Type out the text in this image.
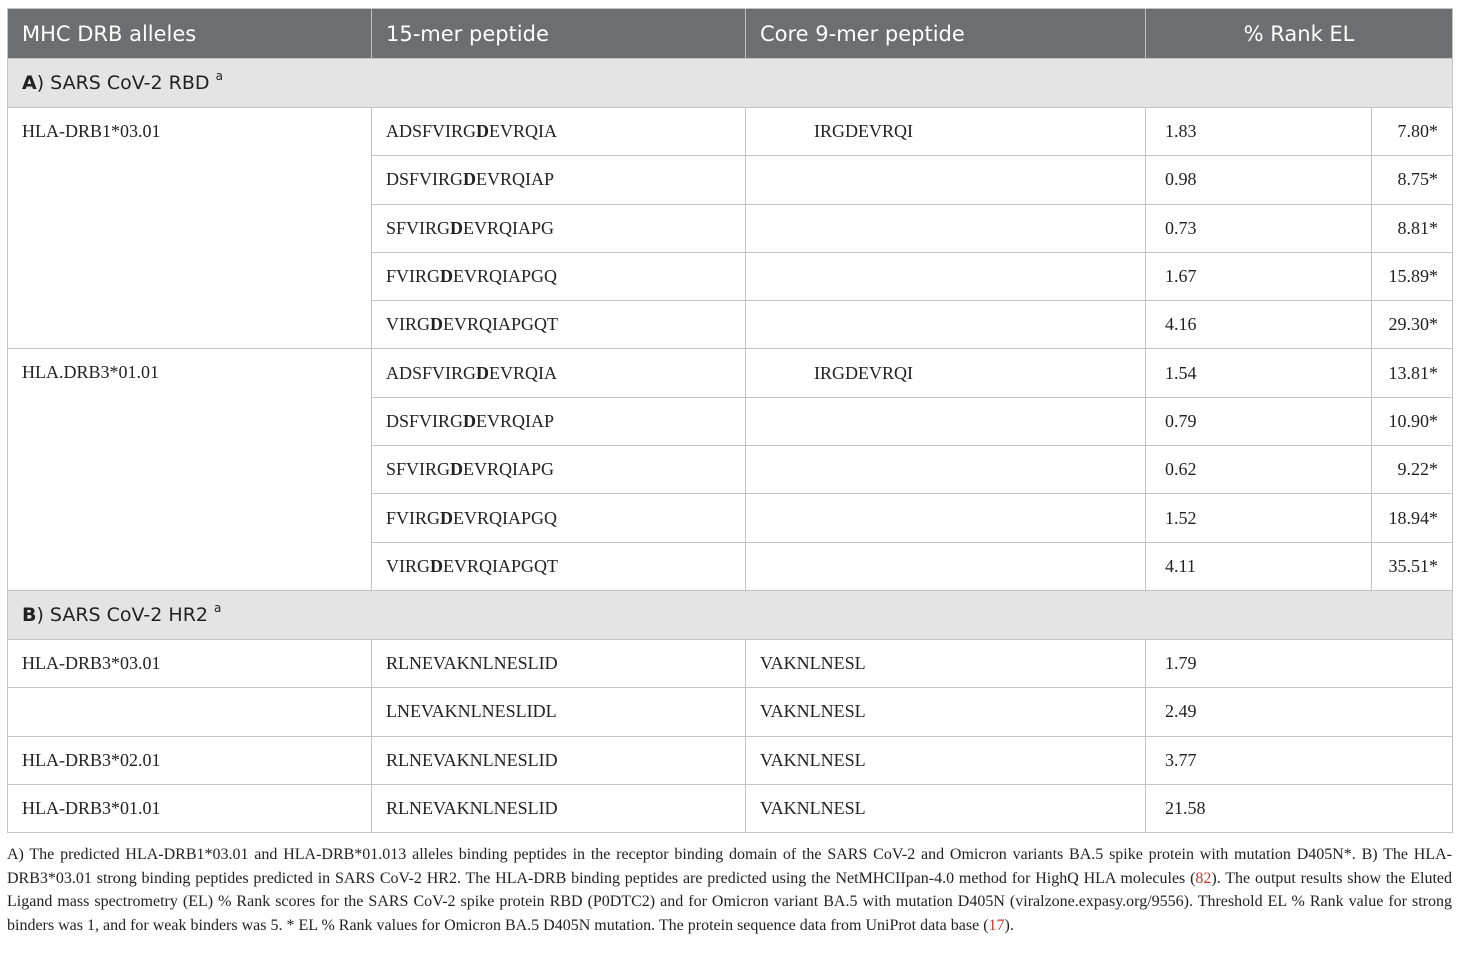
MHC DRB alleles	15-mer peptide	Core 9-mer peptide	% Rank EL	
A) SARS CoV-2 RBD $^a$
HLA-DRB1*03.01	ADSFVIRGDEVRQIA	IRGDEVRQI	1.83	7.80*
	DSFVIRGDEVRQIAP		0.98	8.75*
	SFVIRGDEVRQIAPG		0.73	8.81*
	FVIRGDEVRQIAPGQ		1.67	15.89*
	VIRGDEVRQIAPGQT		4.16	29.30*
HLA.DRB3*01.01	ADSFVIRGDEVRQIA	IRGDEVRQI	1.54	13.81*
	DSFVIRGDEVRQIAP		0.79	10.90*
	SFVIRGDEVRQIAPG		0.62	9.22*
	FVIRGDEVRQIAPGQ		1.52	18.94*
	VIRGDEVRQIAPGQT		4.11	35.51*
B) SARS CoV-2 HR2 $^a$
HLA-DRB3*03.01	RLNEVAKNLNESLID	VAKNLNESL	1.79	
	LNEVAKNLNESLIDL	VAKNLNESL	2.49	
HLA-DRB3*02.01	RLNEVAKNLNESLID	VAKNLNESL	3.77	
HLA-DRB3*01.01	RLNEVAKNLNESLID	VAKNLNESL	21.58	
A) The predicted HLA-DRB1*03.01 and HLA-DRB*01.013 alleles binding peptides in the receptor binding domain of the SARS CoV-2 and Omicron variants BA.5 spike protein with mutation D405N*. B) The HLA-DRB3*03.01 strong binding peptides predicted in SARS CoV-2 HR2. The HLA-DRB binding peptides are predicted using the NetMHCIIpan-4.0 method for HighQ HLA molecules (82). The output results show the Eluted Ligand mass spectrometry (EL) % Rank scores for the SARS CoV-2 spike protein RBD (P0DTC2) and for Omicron variant BA.5 with mutation D405N (viralzone.expasy.org/9556). Threshold EL % Rank value for strong binders was 1, and for weak binders was 5. * EL % Rank values for Omicron BA.5 D405N mutation. The protein sequence data from UniProt data base (17).
